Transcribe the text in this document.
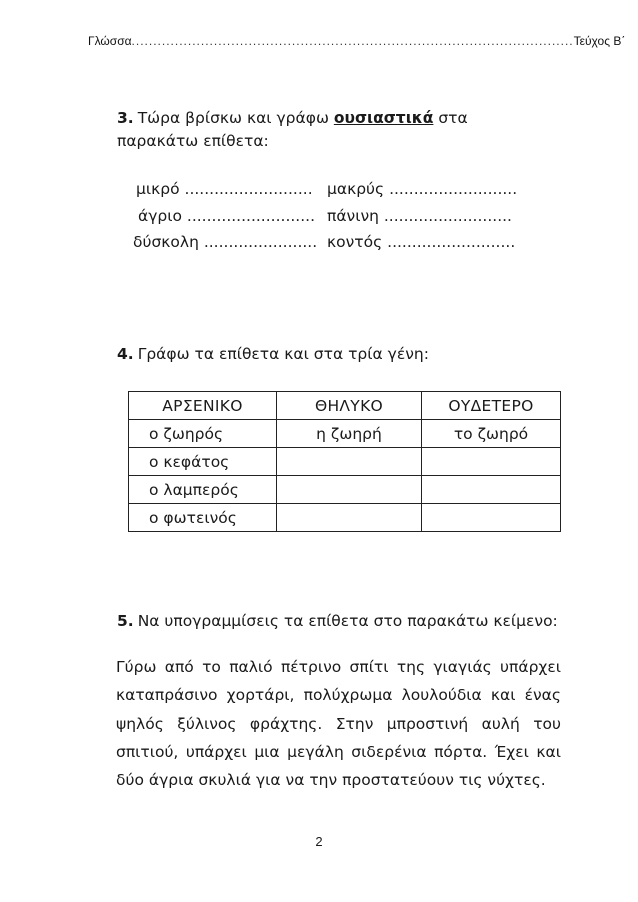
Γλώσσα ...................................................................................................... Τεύχος Β΄
3. Τώρα βρίσκω και γράφω ουσιαστικά στα παρακάτω επίθετα:
μικρό .......................... μακρύς ..........................
άγριο .......................... πάνινη ..........................
δύσκολη ....................... κοντός ..........................
4. Γράφω τα επίθετα και στα τρία γένη:
ΑΡΣΕΝΙΚΟ	ΘΗΛΥΚΟ	ΟΥΔΕΤΕΡΟ
ο ζωηρός	η ζωηρή	το ζωηρό
ο κεφάτος		
ο λαμπερός		
ο φωτεινός		
5. Να υπογραμμίσεις τα επίθετα στο παρακάτω κείμενο:
Γύρω από το παλιό πέτρινο σπίτι της γιαγιάς υπάρχει καταπράσινο χορτάρι, πολύχρωμα λουλούδια και ένας ψηλός ξύλινος φράχτης. Στην μπροστινή αυλή του σπιτιού, υπάρχει μια μεγάλη σιδερένια πόρτα. Έχει και δύο άγρια σκυλιά για να την προστατεύουν τις νύχτες.
2
